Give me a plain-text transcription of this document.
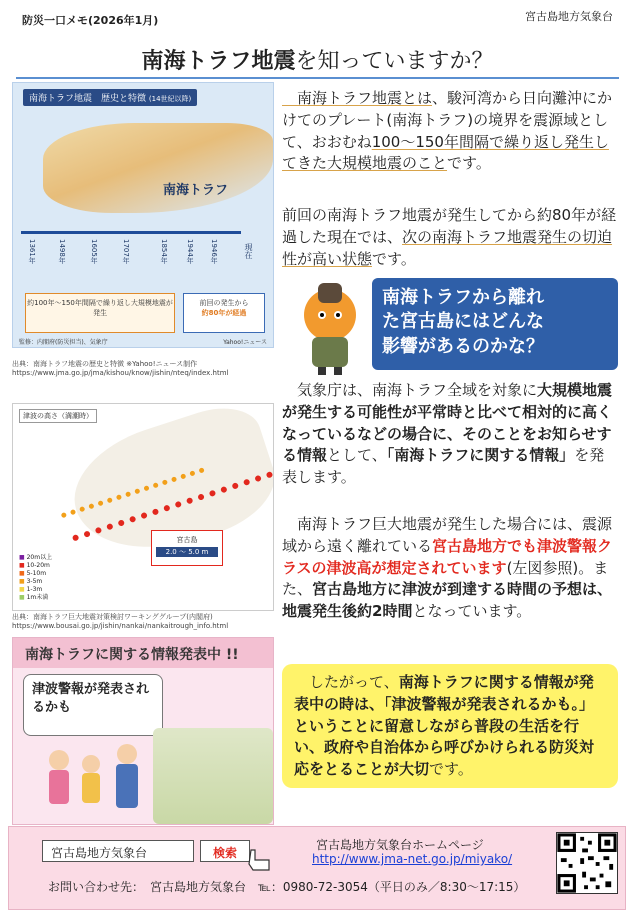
防災一口メモ(2026年1月)	宮古島地方気象台
南海トラフ地震を知っていますか？
南海トラフ地震　歴史と特徴 (14世紀以降)
南海トラフ
1361年	1498年	1605年	1707年	1854年	1944年 1946年	現在
約100年～150年間隔で繰り返し大規模地震が発生
前回の発生から
約80年が経過
監修：内閣府(防災担当)、気象庁	Yahoo!ニュース
出典：南海トラフ地震の歴史と特徴 ※Yahoo!ニュース制作
https://www.jma.go.jp/jma/kishou/know/jishin/nteq/index.html
津波の高さ（満潮時）
■ 20m以上
■ 10-20m
■ 5-10m
■ 3-5m
■ 1-3m
■ 1m未満
宮古島
2.0 ～ 5.0 m
出典：南海トラフ巨大地震対策検討ワーキンググループ(内閣府)
https://www.bousai.go.jp/jishin/nankai/nankaitrough_info.html
　南海トラフ地震とは、駿河湾から日向灘沖にかけてのプレート(南海トラフ)の境界を震源域として、おおむね100～150年間隔で繰り返し発生してきた大規模地震のことです。
前回の南海トラフ地震が発生してから約80年が経過した現在では、次の南海トラフ地震発生の切迫性が高い状態です。
南海トラフから離れ
た宮古島にはどんな
影響があるのかな？
　気象庁は、南海トラフ全域を対象に大規模地震が発生する可能性が平常時と比べて相対的に高くなっているなどの場合に、そのことをお知らせする情報として、「南海トラフに関する情報」を発表します。
　南海トラフ巨大地震が発生した場合には、震源域から遠く離れている宮古島地方でも津波警報クラスの津波高が想定されています(左図参照)。また、宮古島地方に津波が到達する時間の予想は、地震発生後約2時間となっています。
南海トラフに関する情報発表中 !!
津波警報が発表されるかも
　したがって、南海トラフに関する情報が発表中の時は、「津波警報が発表されるかも。」ということに留意しながら普段の生活を行い、政府や自治体から呼びかけられる防災対応をとることが大切です。
宮古島地方気象台	検索
宮古島地方気象台ホームページ
http://www.jma-net.go.jp/miyako/
お問い合わせ先：　宮古島地方気象台　℡：0980-72-3054（平日のみ／8:30～17:15）
